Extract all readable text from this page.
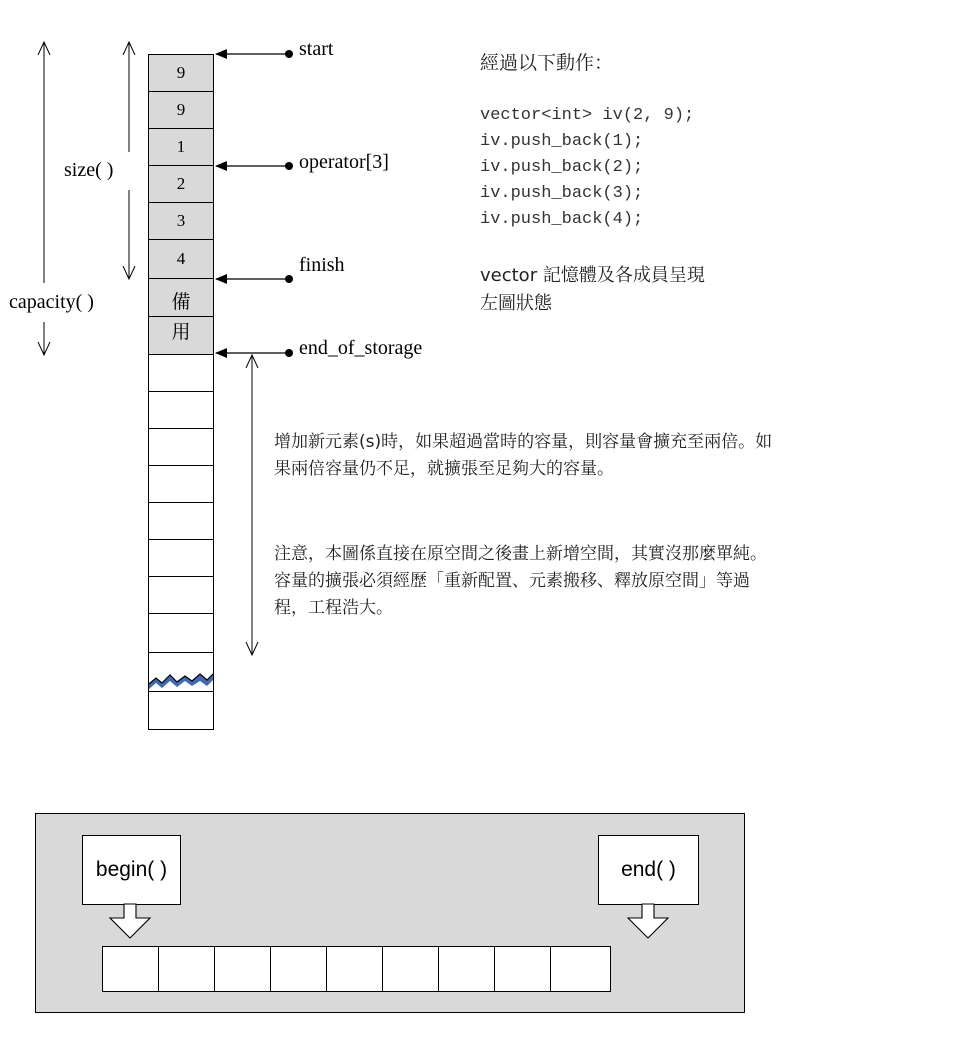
9
9
1
2
3
4
備
用
start
operator[3]
finish
end_of_storage
size( )
capacity( )
經過以下動作：
vector<int> iv(2, 9);
iv.push_back(1);
iv.push_back(2);
iv.push_back(3);
iv.push_back(4);
vector 記憶體及各成員呈現
左圖狀態
增加新元素(s)時，如果超過當時的容量，則容量會擴充至兩倍。如果兩倍容量仍不足，就擴張至足夠大的容量。
注意，本圖係直接在原空間之後畫上新增空間，其實沒那麼單純。容量的擴張必須經歷「重新配置、元素搬移、釋放原空間」等過程，工程浩大。
begin( )	end( )
